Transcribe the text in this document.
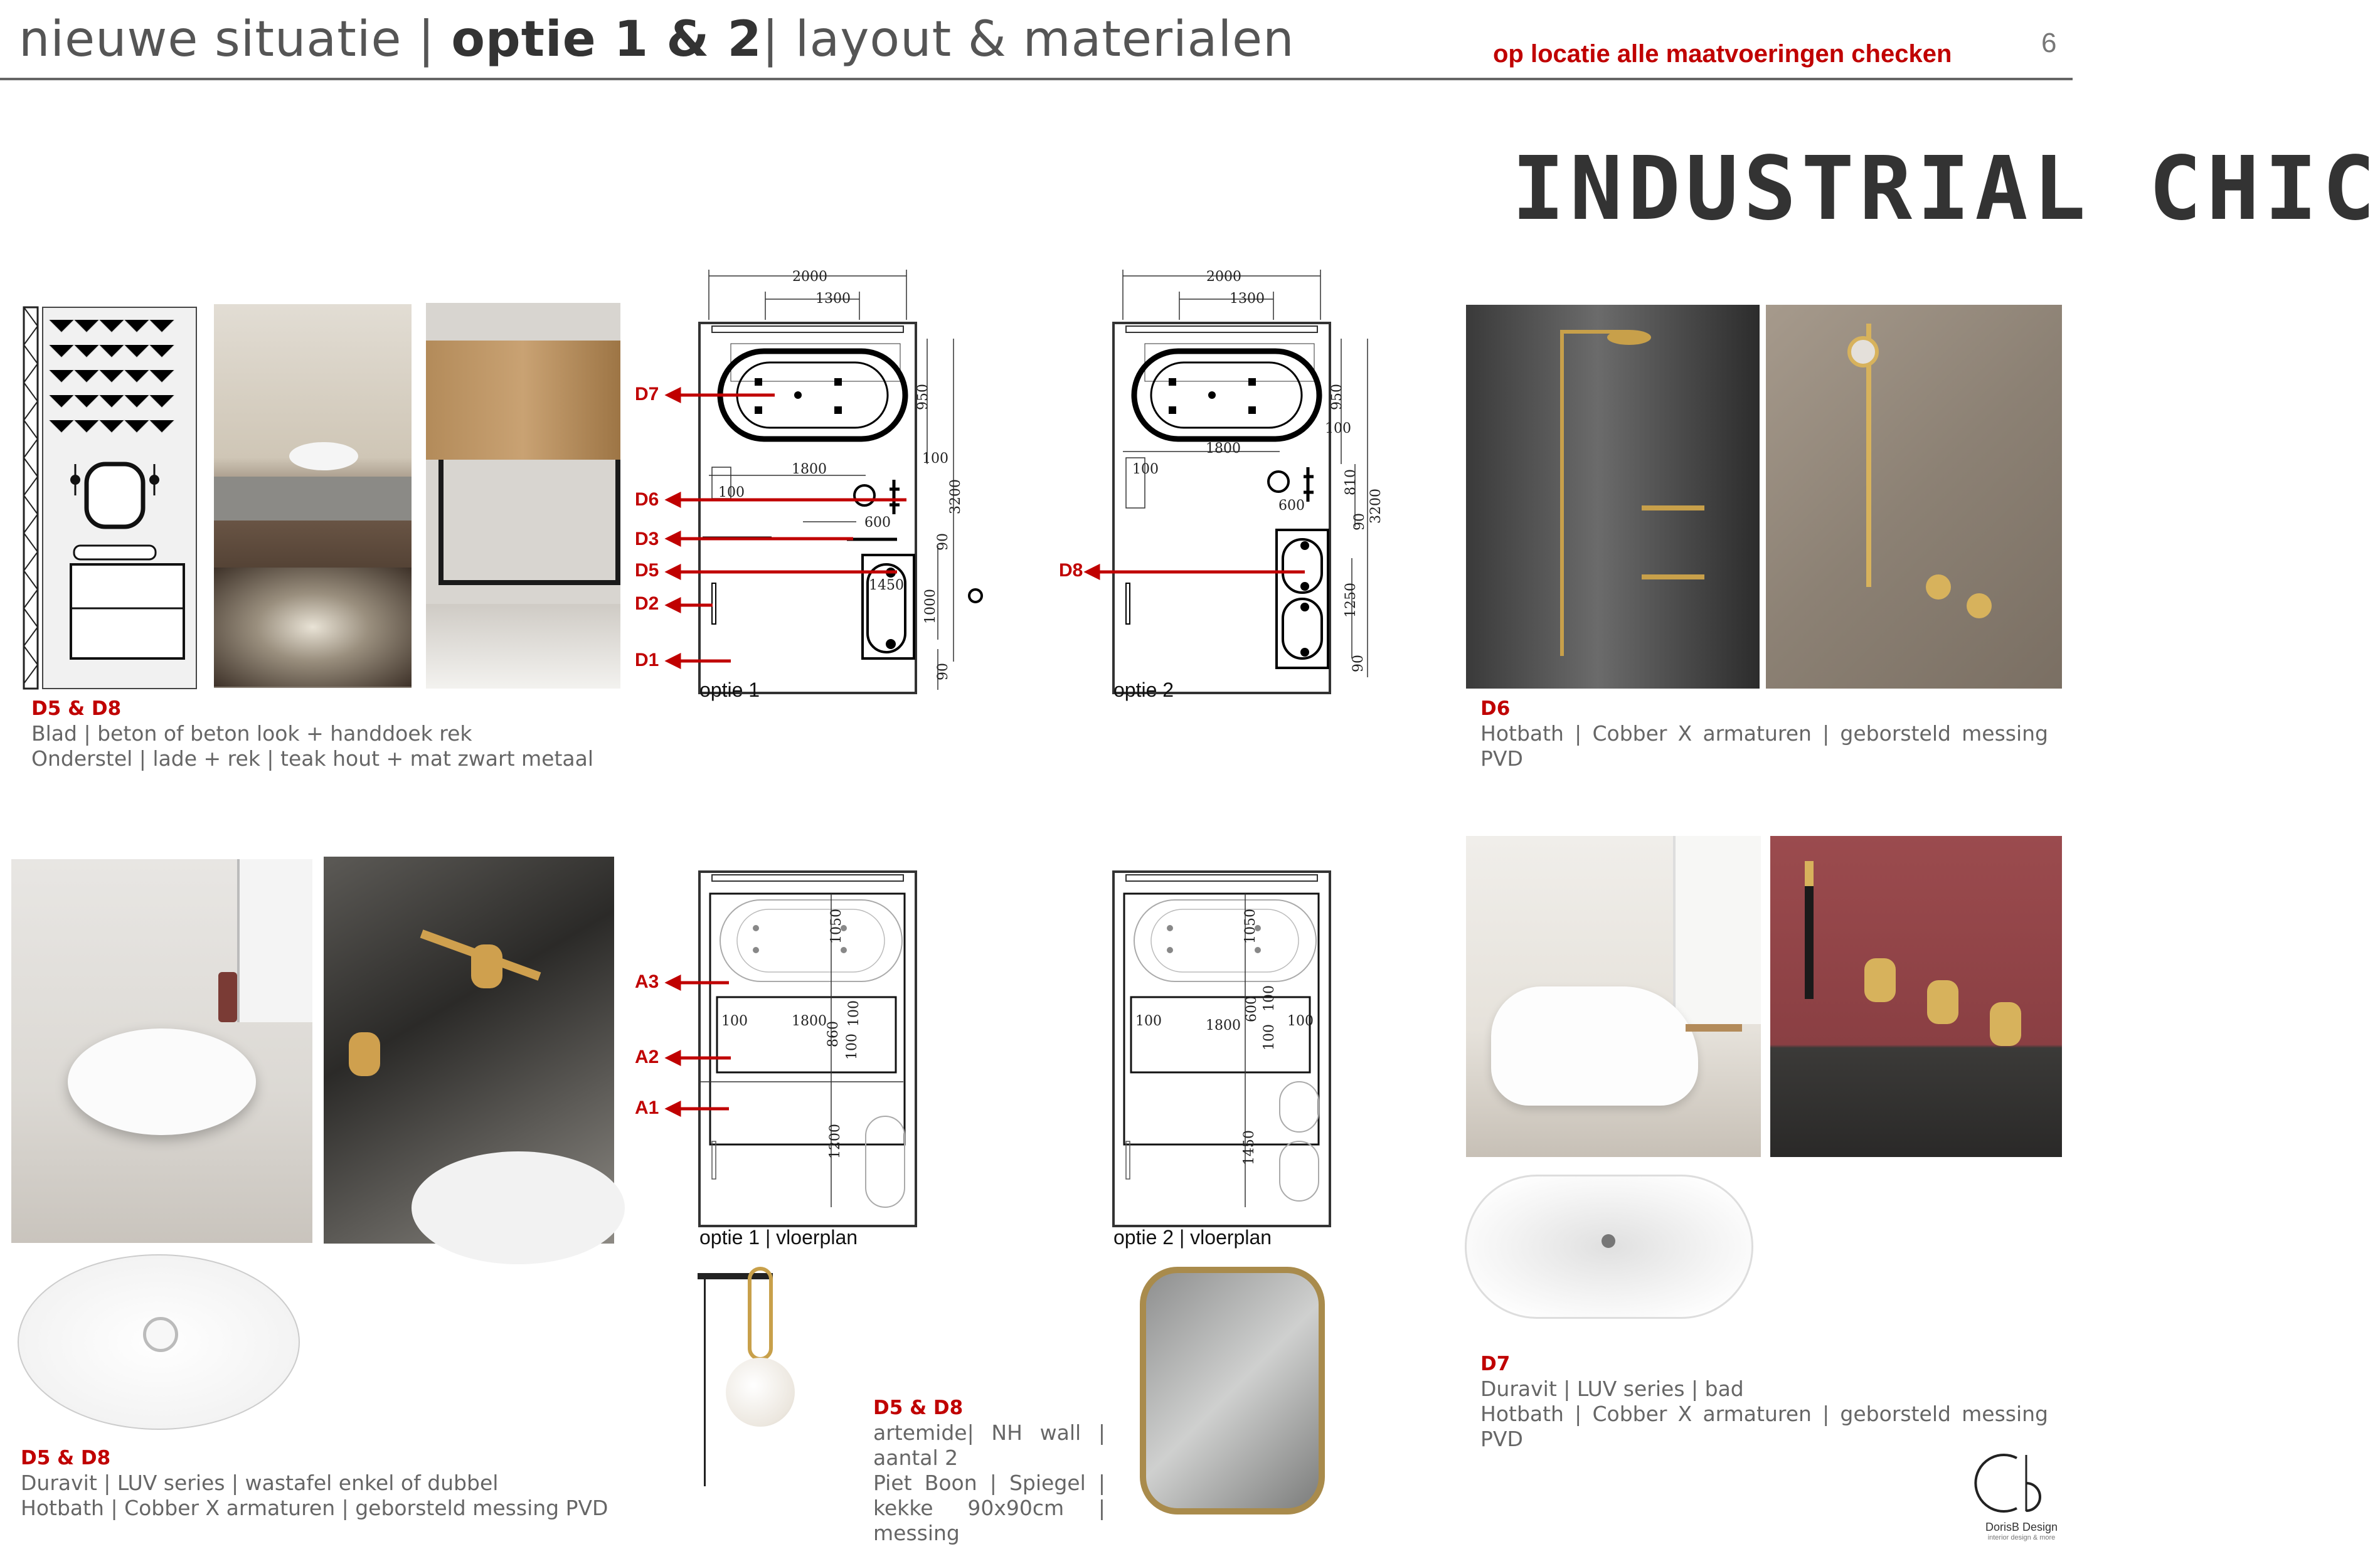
nieuwe situatie | optie 1 & 2| layout & materialen	op locatie alle maatvoeringen checken	6
INDUSTRIAL CHIC
D5 & D8
Blad | beton of beton look + handdoek rek
Onderstel | lade + rek | teak hout + mat zwart metaal
2000
1300
1800
950
3200
100
100
600
90
1000
1450
90
D7
D6
D3
D5
D2
D1
optie 1
2000
1300
1800
950
3200
100
100
600
810
90
1250
90
D8
optie 2
1050
100	1800 100
860 100
1200
A3
A2
A1
optie 1 | vloerplan
1050
100	1800
600 100
100
100
1450
optie 2 | vloerplan
D6
Hotbath | Cobber X armaturen | geborsteld messing PVD
D5 & D8
Duravit | LUV series | wastafel enkel of dubbel
Hotbath | Cobber X armaturen | geborsteld messing PVD
D5 & D8
artemide| NH wall | aantal 2
Piet Boon | Spiegel | kekke 90x90cm | messing
D7
Duravit | LUV series | bad
Hotbath | Cobber X armaturen | geborsteld messing PVD
DorisB Design
interior design & more
